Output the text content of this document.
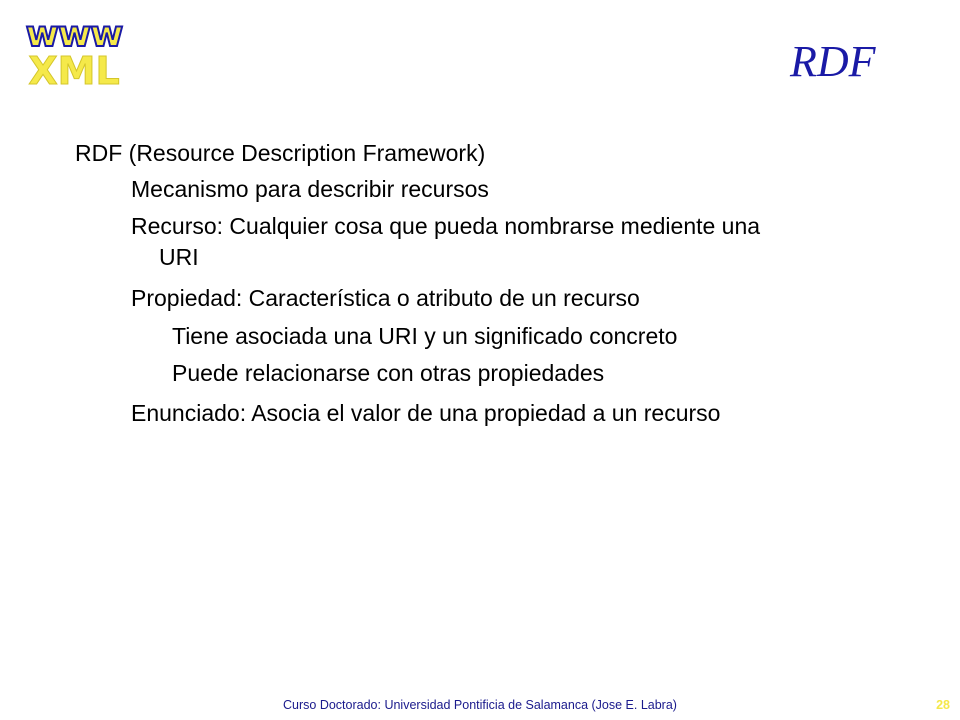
www
XML	RDF
RDF (Resource Description Framework)
Mecanismo para describir recursos
Recurso: Cualquier cosa que pueda nombrarse mediente una
URI
Propiedad: Característica o atributo de un recurso
Tiene asociada una URI y un significado concreto
Puede relacionarse con otras propiedades
Enunciado: Asocia el valor de una propiedad a un recurso
Curso Doctorado: Universidad Pontificia de Salamanca (Jose E. Labra)	28
